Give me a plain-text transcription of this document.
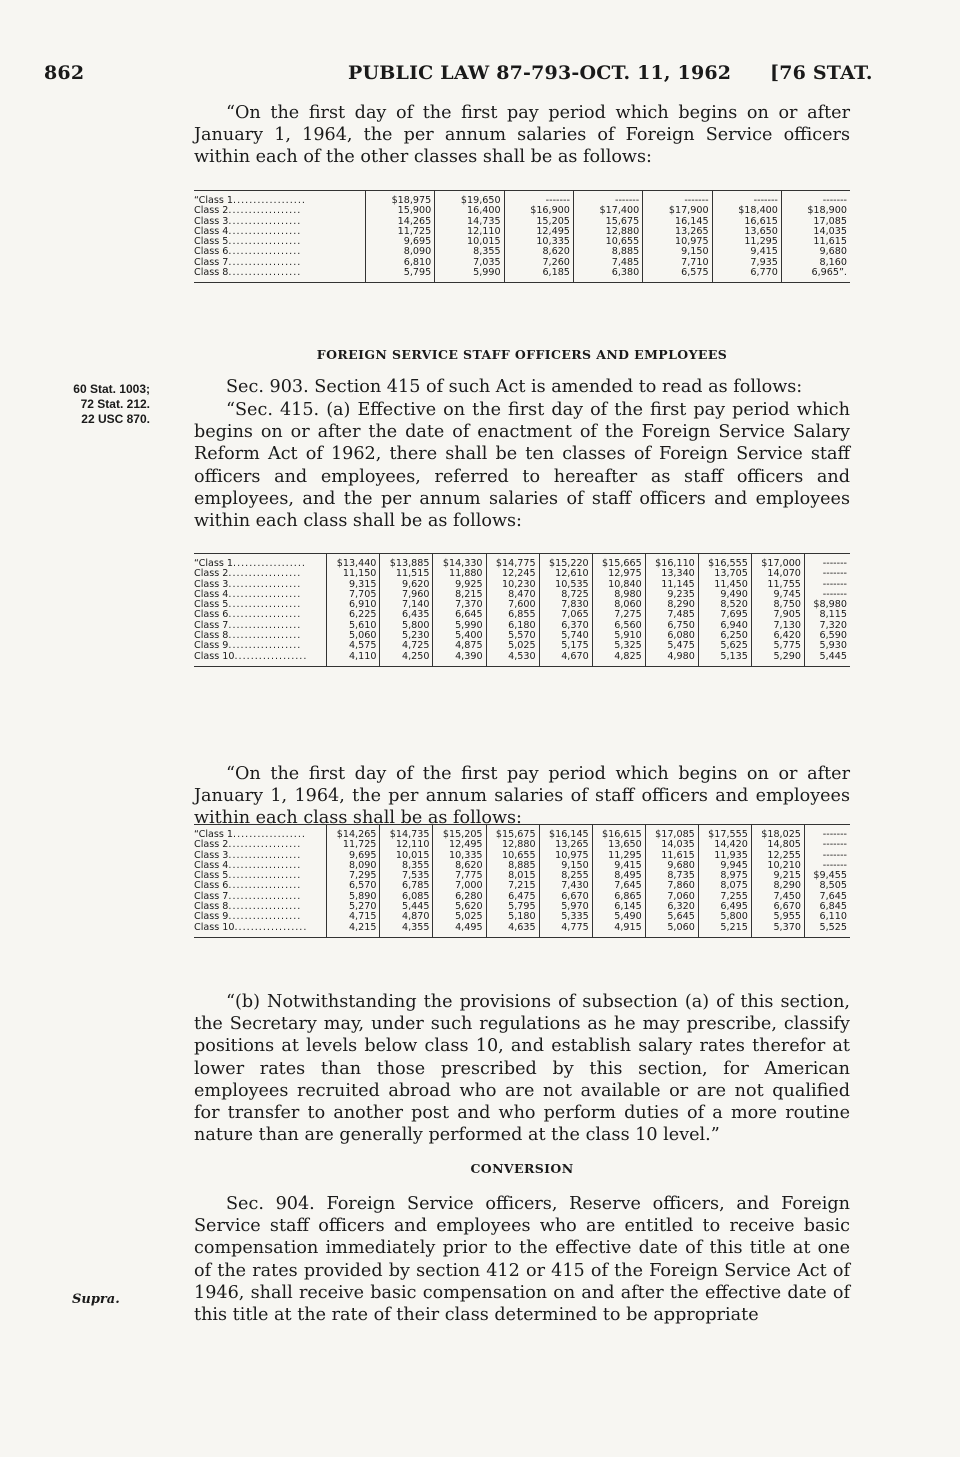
862	PUBLIC LAW 87-793-OCT. 11, 1962 [76 STAT.

“On the first day of the first pay period which begins on or after January 1, 1964, the per annum salaries of Foreign Service officers within each of the other classes shall be as follows:

“Class 1..................	$18,975	$19,650	-------	-------	-------	-------	-------
Class 2..................	15,900	16,400	$16,900	$17,400	$17,900	$18,400	$18,900
Class 3..................	14,265	14,735	15,205	15,675	16,145	16,615	17,085
Class 4..................	11,725	12,110	12,495	12,880	13,265	13,650	14,035
Class 5..................	9,695	10,015	10,335	10,655	10,975	11,295	11,615
Class 6..................	8,090	8,355	8,620	8,885	9,150	9,415	9,680
Class 7..................	6,810	7,035	7,260	7,485	7,710	7,935	8,160
Class 8..................	5,795	5,990	6,185	6,380	6,575	6,770	6,965”.
FOREIGN SERVICE STAFF OFFICERS AND EMPLOYEES
60 Stat. 1003;
72 Stat. 212.
22 USC 870.

Sec. 903. Section 415 of such Act is amended to read as follows:

“Sec. 415. (a) Effective on the first day of the first pay period which begins on or after the date of enactment of the Foreign Service Salary Reform Act of 1962, there shall be ten classes of Foreign Service staff officers and employees, referred to hereafter as staff officers and employees, and the per annum salaries of staff officers and employees within each class shall be as follows:

“Class 1..................	$13,440	$13,885	$14,330	$14,775	$15,220	$15,665	$16,110	$16,555	$17,000	-------
Class 2..................	11,150	11,515	11,880	12,245	12,610	12,975	13,340	13,705	14,070	-------
Class 3..................	9,315	9,620	9,925	10,230	10,535	10,840	11,145	11,450	11,755	-------
Class 4..................	7,705	7,960	8,215	8,470	8,725	8,980	9,235	9,490	9,745	-------
Class 5..................	6,910	7,140	7,370	7,600	7,830	8,060	8,290	8,520	8,750	$8,980
Class 6..................	6,225	6,435	6,645	6,855	7,065	7,275	7,485	7,695	7,905	8,115
Class 7..................	5,610	5,800	5,990	6,180	6,370	6,560	6,750	6,940	7,130	7,320
Class 8..................	5,060	5,230	5,400	5,570	5,740	5,910	6,080	6,250	6,420	6,590
Class 9..................	4,575	4,725	4,875	5,025	5,175	5,325	5,475	5,625	5,775	5,930
Class 10..................	4,110	4,250	4,390	4,530	4,670	4,825	4,980	5,135	5,290	5,445

“On the first day of the first pay period which begins on or after January 1, 1964, the per annum salaries of staff officers and employees within each class shall be as follows:

“Class 1..................	$14,265	$14,735	$15,205	$15,675	$16,145	$16,615	$17,085	$17,555	$18,025	-------
Class 2..................	11,725	12,110	12,495	12,880	13,265	13,650	14,035	14,420	14,805	-------
Class 3..................	9,695	10,015	10,335	10,655	10,975	11,295	11,615	11,935	12,255	-------
Class 4..................	8,090	8,355	8,620	8,885	9,150	9,415	9,680	9,945	10,210	-------
Class 5..................	7,295	7,535	7,775	8,015	8,255	8,495	8,735	8,975	9,215	$9,455
Class 6..................	6,570	6,785	7,000	7,215	7,430	7,645	7,860	8,075	8,290	8,505
Class 7..................	5,890	6,085	6,280	6,475	6,670	6,865	7,060	7,255	7,450	7,645
Class 8..................	5,270	5,445	5,620	5,795	5,970	6,145	6,320	6,495	6,670	6,845
Class 9..................	4,715	4,870	5,025	5,180	5,335	5,490	5,645	5,800	5,955	6,110
Class 10..................	4,215	4,355	4,495	4,635	4,775	4,915	5,060	5,215	5,370	5,525

“(b) Notwithstanding the provisions of subsection (a) of this section, the Secretary may, under such regulations as he may prescribe, classify positions at levels below class 10, and establish salary rates therefor at lower rates than those prescribed by this section, for American employees recruited abroad who are not available or are not qualified for transfer to another post and who perform duties of a more routine nature than are generally performed at the class 10 level.”

CONVERSION

Sec. 904. Foreign Service officers, Reserve officers, and Foreign Service staff officers and employees who are entitled to receive basic compensation immediately prior to the effective date of this title at one of the rates provided by section 412 or 415 of the Foreign Service Act of 1946, shall receive basic compensation on and after the effective date of this title at the rate of their class determined to be appropriate

Supra.
